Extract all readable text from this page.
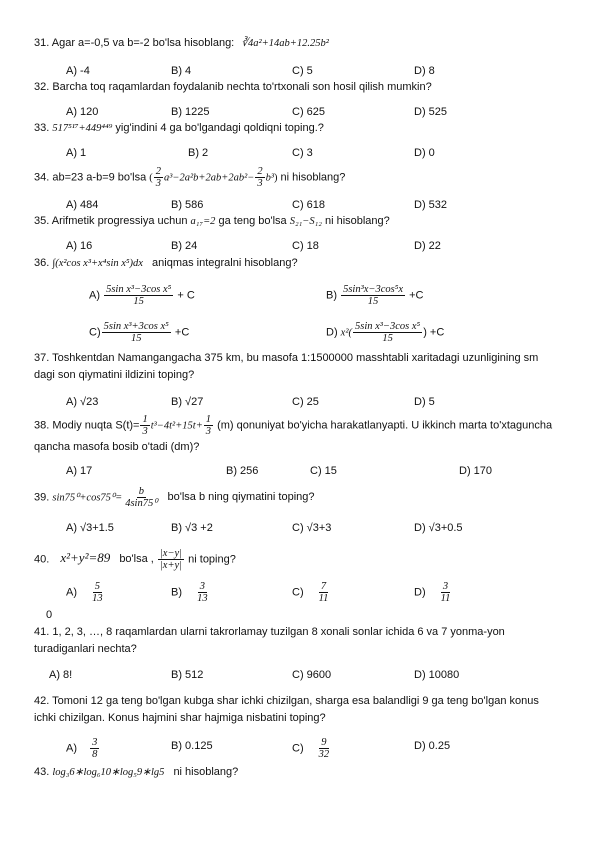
31. Agar a=-0,5 va b=-2 bo'lsa hisoblang: ∛4a²+14ab+12.25b²
A) -4	B) 4	C) 5	D) 8
32. Barcha toq raqamlardan foydalanib nechta to'rtxonali son hosil qilish mumkin?
A) 120	B) 1225	C) 625	D) 525
33. 517⁵¹⁷+449⁴⁴⁹ yig'indini 4 ga bo'lgandagi qoldiqni toping.?
A) 1	B) 2	C) 3	D) 0
34. ab=23 a-b=9 bo'lsa ( $\frac{2}{3} a^3-2a^2b+2ab+2ab^2- \frac{2}{3} b^3$) ni hisoblang?
A) 484	B) 586	C) 618	D) 532
35. Arifmetik progressiya uchun a₁₇=2 ga teng bo'lsa S₂₁−S₁₂ ni hisoblang?
A) 16	B) 24	C) 18	D) 22
36. ∫(x²cos x³+x⁴sin x⁵)dx aniqmas integralni hisoblang?
$A) \frac{\text{5sin x³−3cos x⁵}}{15} + C$	$B) \frac{\text{5sin³x−3cos⁵x}}{15} +C$
$C) \frac{\text{5sin x³+3cos x⁵}}{15} +C$	D) $x^2( \frac{\text{5sin x³−3cos x⁵}}{15}$ ) +C
37. Toshkentdan Namangangacha 375 km, bu masofa 1:1500000 masshtabli xaritadagi uzunligining sm dagi son qiymatini ildizini toping?
A) √23	B) √27	C) 25	D) 5
38. Modiy nuqta $S(t)= \frac{1}{3} t^3-4t^2+15t+ \frac{1}{3} (m)$ qonuniyat bo'yicha harakatlanyapti. U ikkinch marta to'xtaguncha qancha masofa bosib o'tadi (dm)?
A) 17	B) 256	C) 15	D) 170
39. $\sin 75^0+\cos 75^0= \frac{b}{\text{4sin75⁰}} bo'lsa$ b ning qiymatini toping?
A) √3+1.5	B) √3 +2	C) √3+3	D) √3+0.5
40. x²+y²=89 bo'lsa , $\frac{|x-y|}{|x+y|}$ ni toping?
$A) \frac{5}{13}$	$B) \frac{3}{13}$	$C) \frac{7}{11}$	$D) \frac{3}{11}$
0
41. 1, 2, 3, …, 8 raqamlardan ularni takrorlamay tuzilgan 8 xonali sonlar ichida 6 va 7 yonma-yon turadiganlari nechta?
A) 8!	B) 512	C) 9600	D) 10080
42. Tomoni 12 ga teng bo'lgan kubga shar ichki chizilgan, sharga esa balandligi 9 ga teng bo'lgan konus ichki chizilgan. Konus hajmini shar hajmiga nisbatini toping?
$A) \frac{3}{8}$	B) 0.125	$C) \frac{9}{32}$	D) 0.25
43. log₃6∗log₆10∗log₅9∗lg5 ni hisoblang?
